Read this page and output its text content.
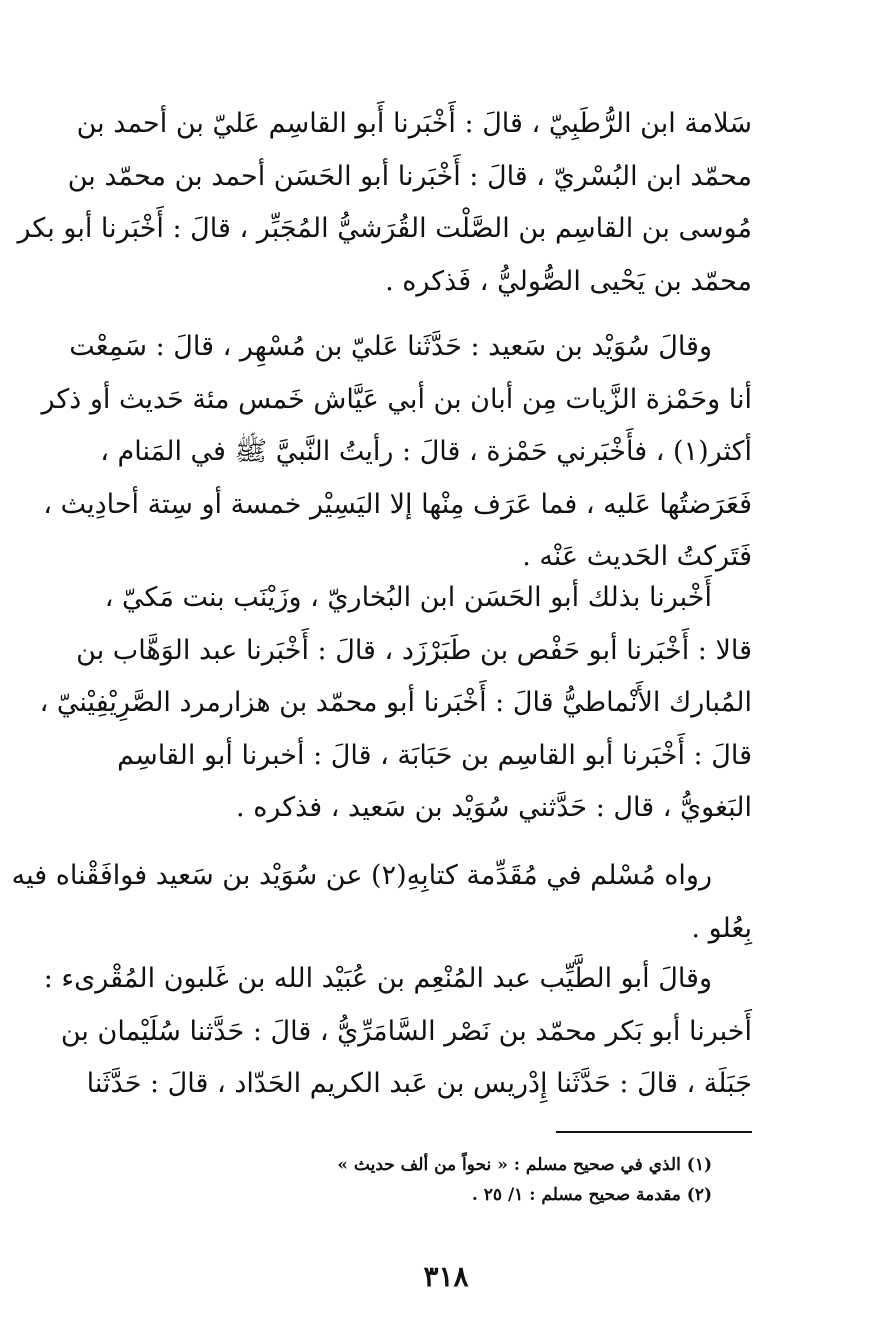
سَلامة ابن الرُّطَبِيّ ، قالَ : أَخْبَرنا أَبو القاسِم عَليّ بن أحمد بن
محمّد ابن البُسْريّ ، قالَ : أَخْبَرنا أبو الحَسَن أحمد بن محمّد بن
مُوسى بن القاسِم بن الصَّلْت القُرَشيُّ المُجَبِّر ، قالَ : أَخْبَرنا أبو بكر
محمّد بن يَحْيى الصُّوليُّ ، فَذكره .
وقالَ سُوَيْد بن سَعيد : حَدَّثَنا عَليّ بن مُسْهِر ، قالَ : سَمِعْت
أنا وحَمْزة الزَّيات مِن أبان بن أبي عَيَّاش خَمس مئة حَديث أو ذكر
أكثر(١) ، فأَخْبَرني حَمْزة ، قالَ : رأيتُ النَّبيَّ ﷺ في المَنام ،
فَعَرَضتُها عَليه ، فما عَرَف مِنْها إلا اليَسِيْر خمسة أو سِتة أحادِيث ،
فَتَركتُ الحَديث عَنْه .
أَخْبرنا بذلك أبو الحَسَن ابن البُخاريّ ، وزَيْنَب بنت مَكيّ ،
قالا : أَخْبَرنا أبو حَفْص بن طَبَرْزَد ، قالَ : أَخْبَرنا عبد الوَهَّاب بن
المُبارك الأَنْماطيُّ قالَ : أَخْبَرنا أبو محمّد بن هزارمرد الصَّرِيْفِيْنيّ ،
قالَ : أَخْبَرنا أبو القاسِم بن حَبَابَة ، قالَ : أخبرنا أبو القاسِم
البَغويُّ ، قال : حَدَّثني سُوَيْد بن سَعيد ، فذكره .
رواه مُسْلم في مُقَدِّمة كتابِهِ(٢) عن سُوَيْد بن سَعيد فوافَقْناه فيه
بِعُلو .
وقالَ أبو الطَّيِّب عبد المُنْعِم بن عُبَيْد الله بن غَلبون المُقْرىء :
أَخبرنا أبو بَكر محمّد بن نَصْر السَّامَرِّيُّ ، قالَ : حَدَّثنا سُلَيْمان بن
جَبَلَة ، قالَ : حَدَّثَنا إِدْريس بن عَبد الكريم الحَدّاد ، قالَ : حَدَّثَنا
(١) الذي في صحيح مسلم : « نحواً من ألف حديث »
(٢) مقدمة صحيح مسلم : ١/ ٢٥ .
٣١٨
